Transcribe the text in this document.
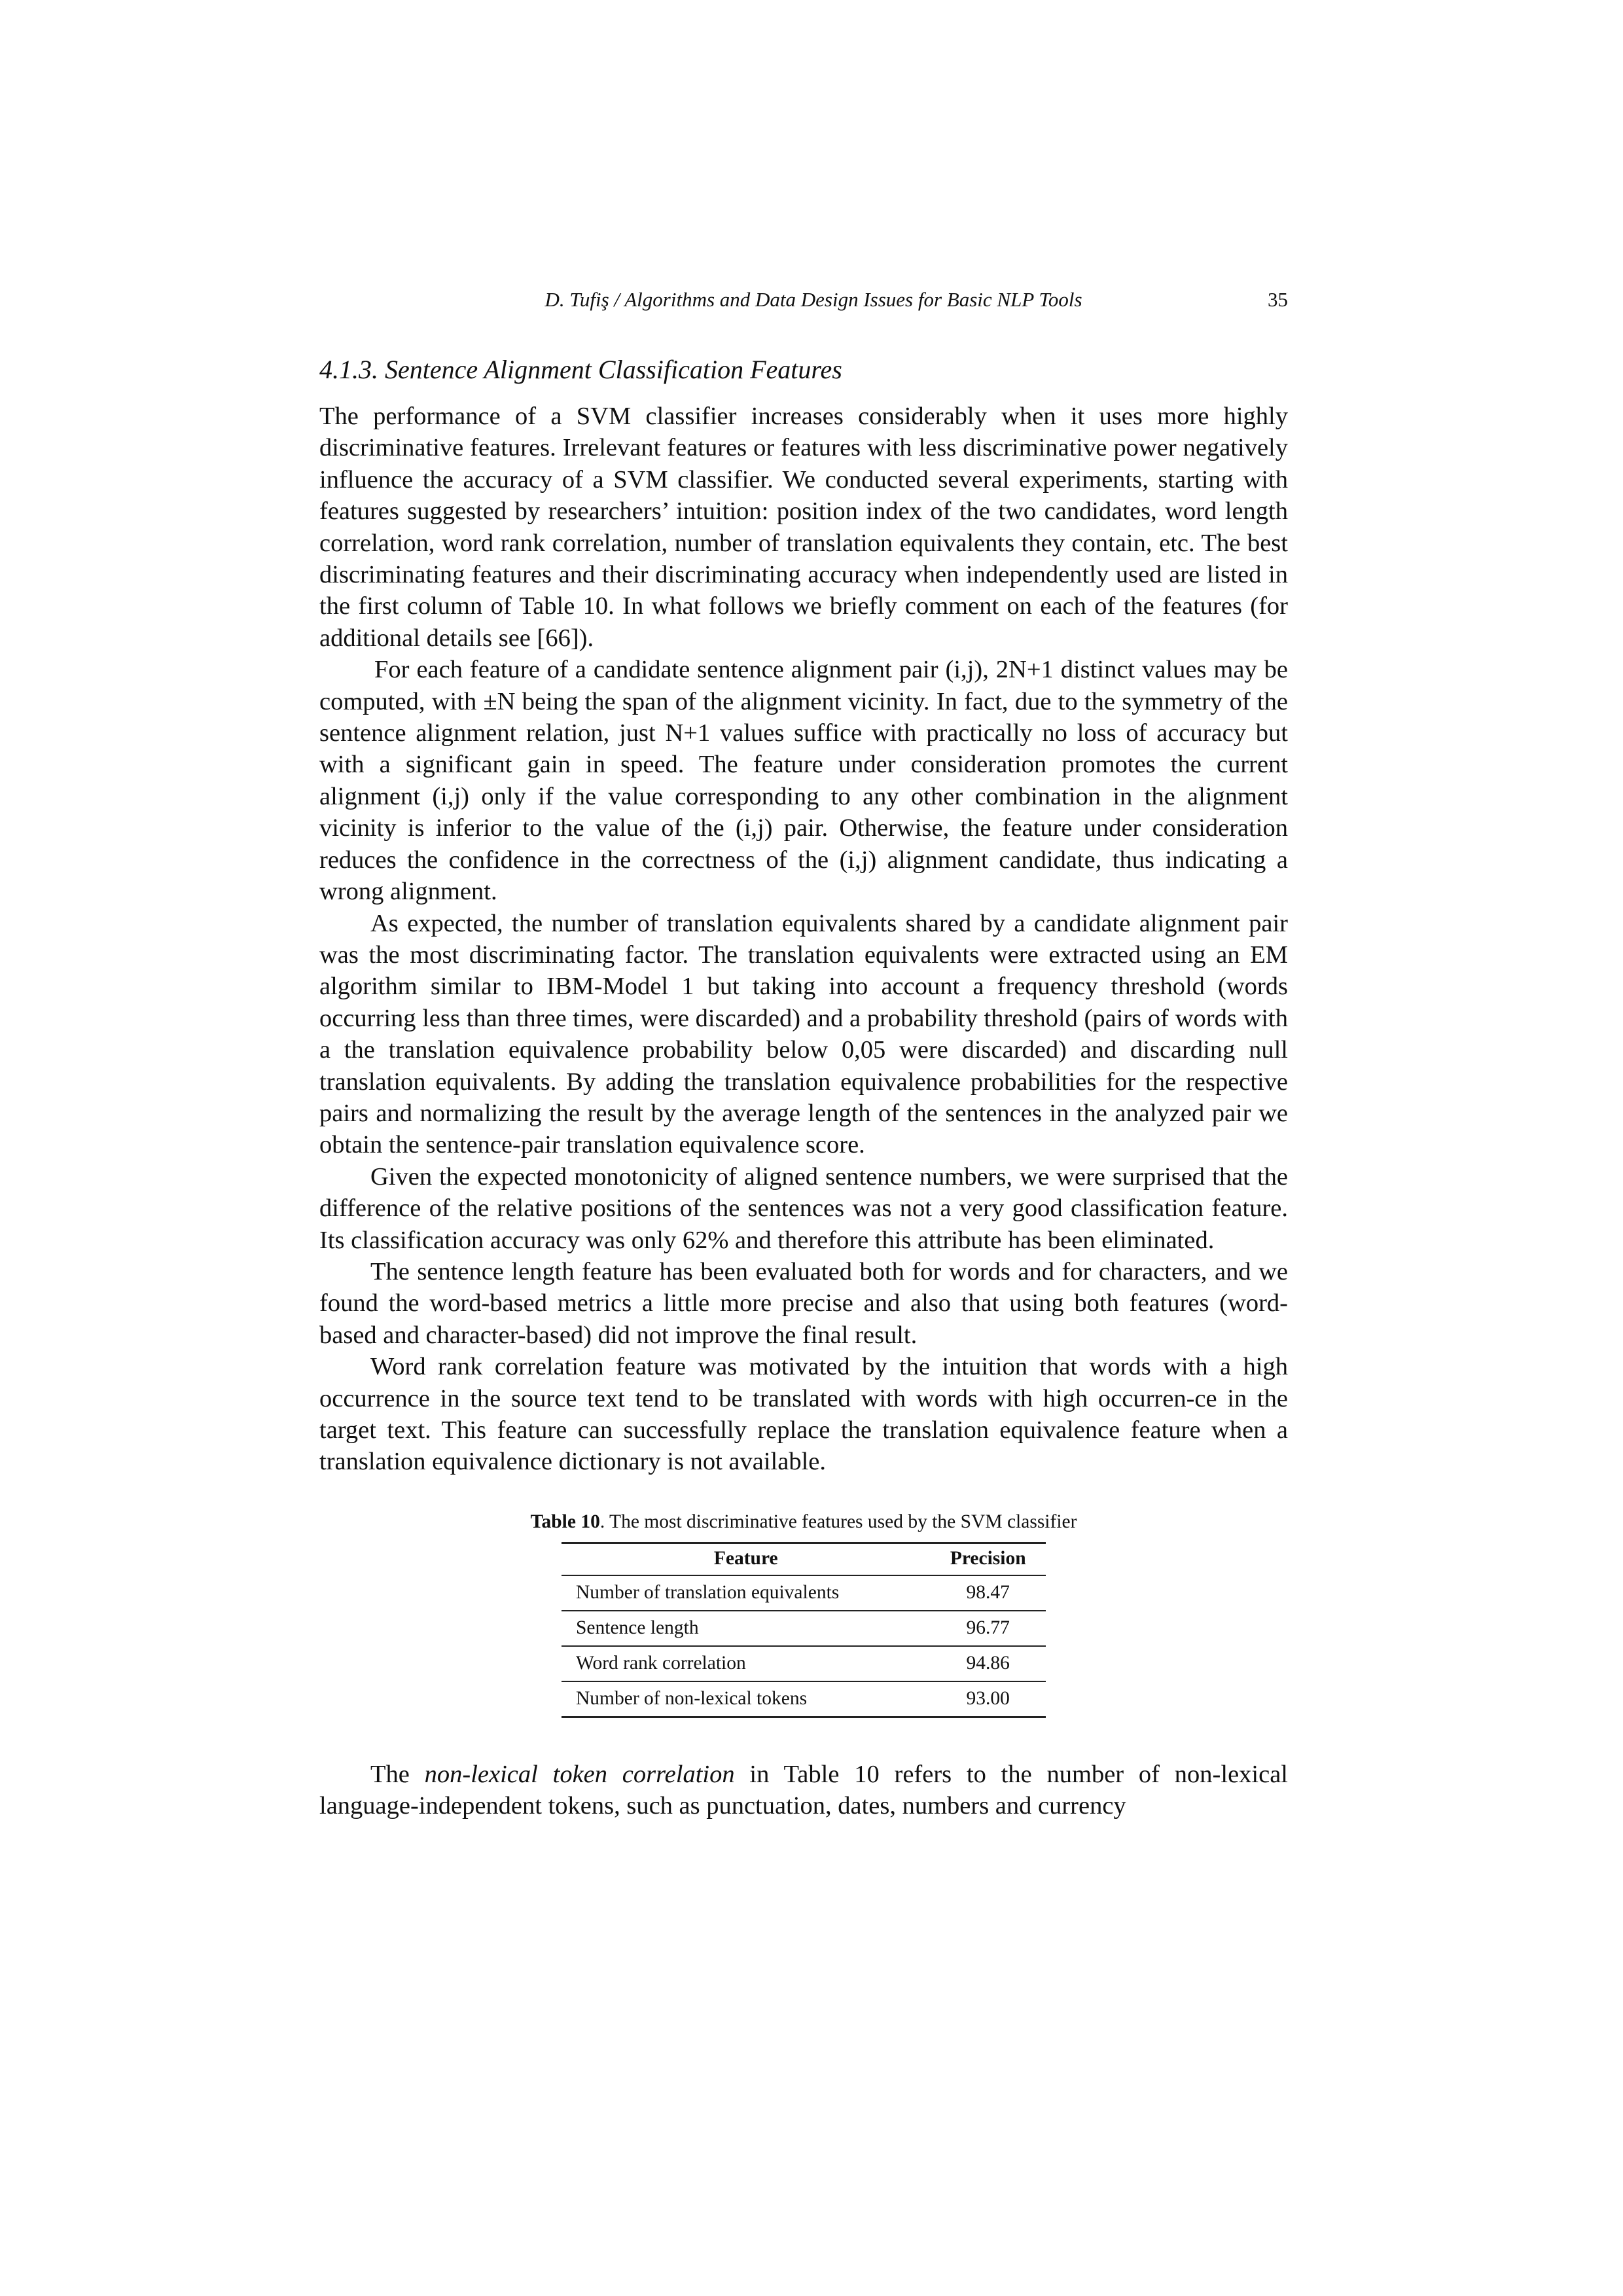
D. Tufiş / Algorithms and Data Design Issues for Basic NLP Tools	35
4.1.3. Sentence Alignment Classification Features

The performance of a SVM classifier increases considerably when it uses more highly discriminative features. Irrelevant features or features with less discriminative power negatively influence the accuracy of a SVM classifier. We conducted several experiments, starting with features suggested by researchers’ intuition: position index of the two candidates, word length correlation, word rank correlation, number of translation equivalents they contain, etc. The best discriminating features and their discriminating accuracy when independently used are listed in the first column of Table 10. In what follows we briefly comment on each of the features (for additional details see [66]).

For each feature of a candidate sentence alignment pair (i,j), 2N+1 distinct values may be computed, with ±N being the span of the alignment vicinity. In fact, due to the symmetry of the sentence alignment relation, just N+1 values suffice with practically no loss of accuracy but with a significant gain in speed. The feature under consideration promotes the current alignment (i,j) only if the value corresponding to any other combination in the alignment vicinity is inferior to the value of the (i,j) pair. Otherwise, the feature under consideration reduces the confidence in the correctness of the (i,j) alignment candidate, thus indicating a wrong alignment.

As expected, the number of translation equivalents shared by a candidate alignment pair was the most discriminating factor. The translation equivalents were extracted using an EM algorithm similar to IBM-Model 1 but taking into account a frequency threshold (words occurring less than three times, were discarded) and a probability threshold (pairs of words with a the translation equivalence probability below 0,05 were discarded) and discarding null translation equivalents. By adding the translation equivalence probabilities for the respective pairs and normalizing the result by the average length of the sentences in the analyzed pair we obtain the sentence-pair translation equivalence score.

Given the expected monotonicity of aligned sentence numbers, we were surprised that the difference of the relative positions of the sentences was not a very good classification feature. Its classification accuracy was only 62% and therefore this attribute has been eliminated.

The sentence length feature has been evaluated both for words and for characters, and we found the word-based metrics a little more precise and also that using both features (word-based and character-based) did not improve the final result.

Word rank correlation feature was motivated by the intuition that words with a high occurrence in the source text tend to be translated with words with high occurren-ce in the target text. This feature can successfully replace the translation equivalence feature when a translation equivalence dictionary is not available.

Table 10. The most discriminative features used by the SVM classifier
Feature	Precision
Number of translation equivalents	98.47
Sentence length	96.77
Word rank correlation	94.86
Number of non-lexical tokens	93.00

The non-lexical token correlation in Table 10 refers to the number of non-lexical language-independent tokens, such as punctuation, dates, numbers and currency
